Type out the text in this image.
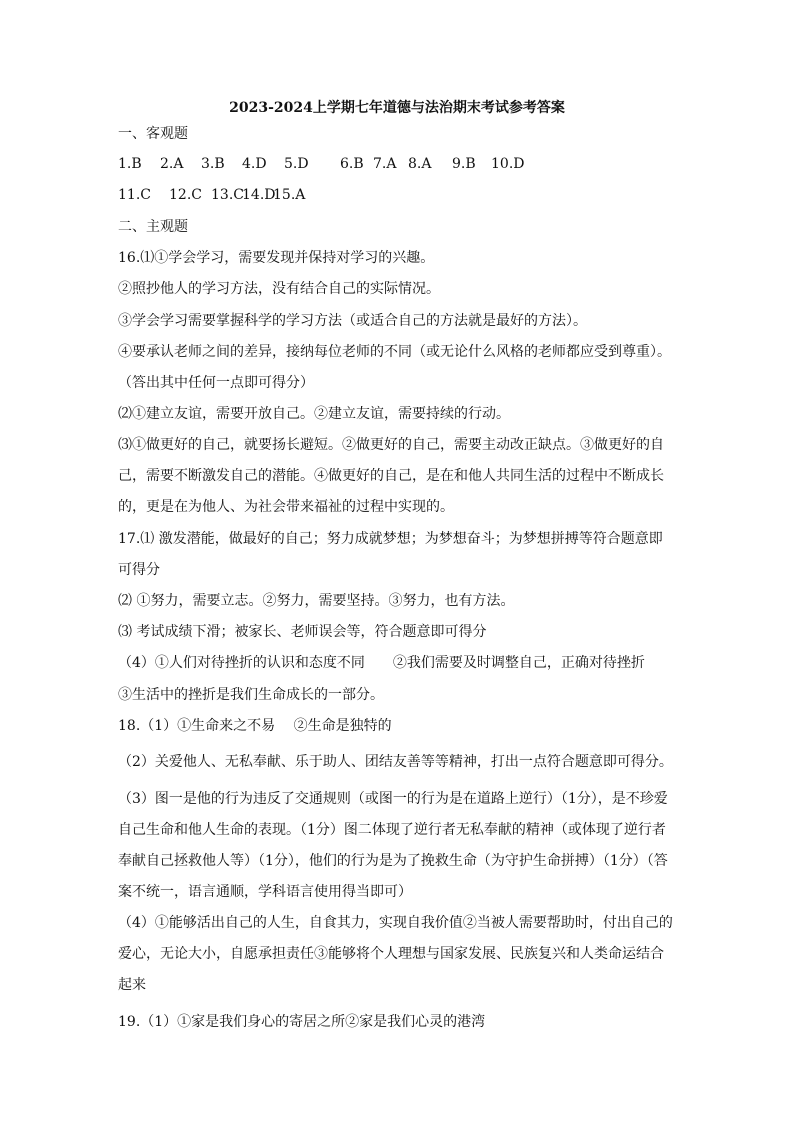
2023-2024上学期七年道德与法治期末考试参考答案
一、客观题
1.B 2.A 3.B 4.D 5.D 6.B 7.A 8.A 9.B 10.D
11.C 12.C 13.C
14.D
15.A
二、主观题
16.⑴①学会学习，需要发现并保持对学习的兴趣。
②照抄他人的学习方法，没有结合自己的实际情况。
③学会学习需要掌握科学的学习方法（或适合自己的方法就是最好的方法）。
④要承认老师之间的差异，接纳每位老师的不同（或无论什么风格的老师都应受到尊重）。
（答出其中任何一点即可得分）
⑵①建立友谊，需要开放自己。②建立友谊，需要持续的行动。
⑶①做更好的自己，就要扬长避短。②做更好的自己，需要主动改正缺点。③做更好的自
己，需要不断激发自己的潜能。④做更好的自己，是在和他人共同生活的过程中不断成长
的，更是在为他人、为社会带来福祉的过程中实现的。
17.⑴ 激发潜能，做最好的自己；努力成就梦想；为梦想奋斗；为梦想拼搏等符合题意即
可得分
⑵ ①努力，需要立志。②努力，需要坚持。③努力，也有方法。
⑶ 考试成绩下滑；被家长、老师误会等，符合题意即可得分
（4）①人们对待挫折的认识和态度不同　　②我们需要及时调整自己，正确对待挫折
③生活中的挫折是我们生命成长的一部分。
18.（1）①生命来之不易　 ②生命是独特的
（2）关爱他人、无私奉献、乐于助人、团结友善等等精神，打出一点符合题意即可得分。
（3）图一是他的行为违反了交通规则（或图一的行为是在道路上逆行）（1分），是不珍爱
自己生命和他人生命的表现。（1分）图二体现了逆行者无私奉献的精神（或体现了逆行者
奉献自己拯救他人等）（1分），他们的行为是为了挽救生命（为守护生命拼搏）（1分）（答
案不统一，语言通顺，学科语言使用得当即可）
（4）①能够活出自己的人生，自食其力，实现自我价值②当被人需要帮助时，付出自己的
爱心，无论大小，自愿承担责任③能够将个人理想与国家发展、民族复兴和人类命运结合
起来
19.（1）①家是我们身心的寄居之所②家是我们心灵的港湾
